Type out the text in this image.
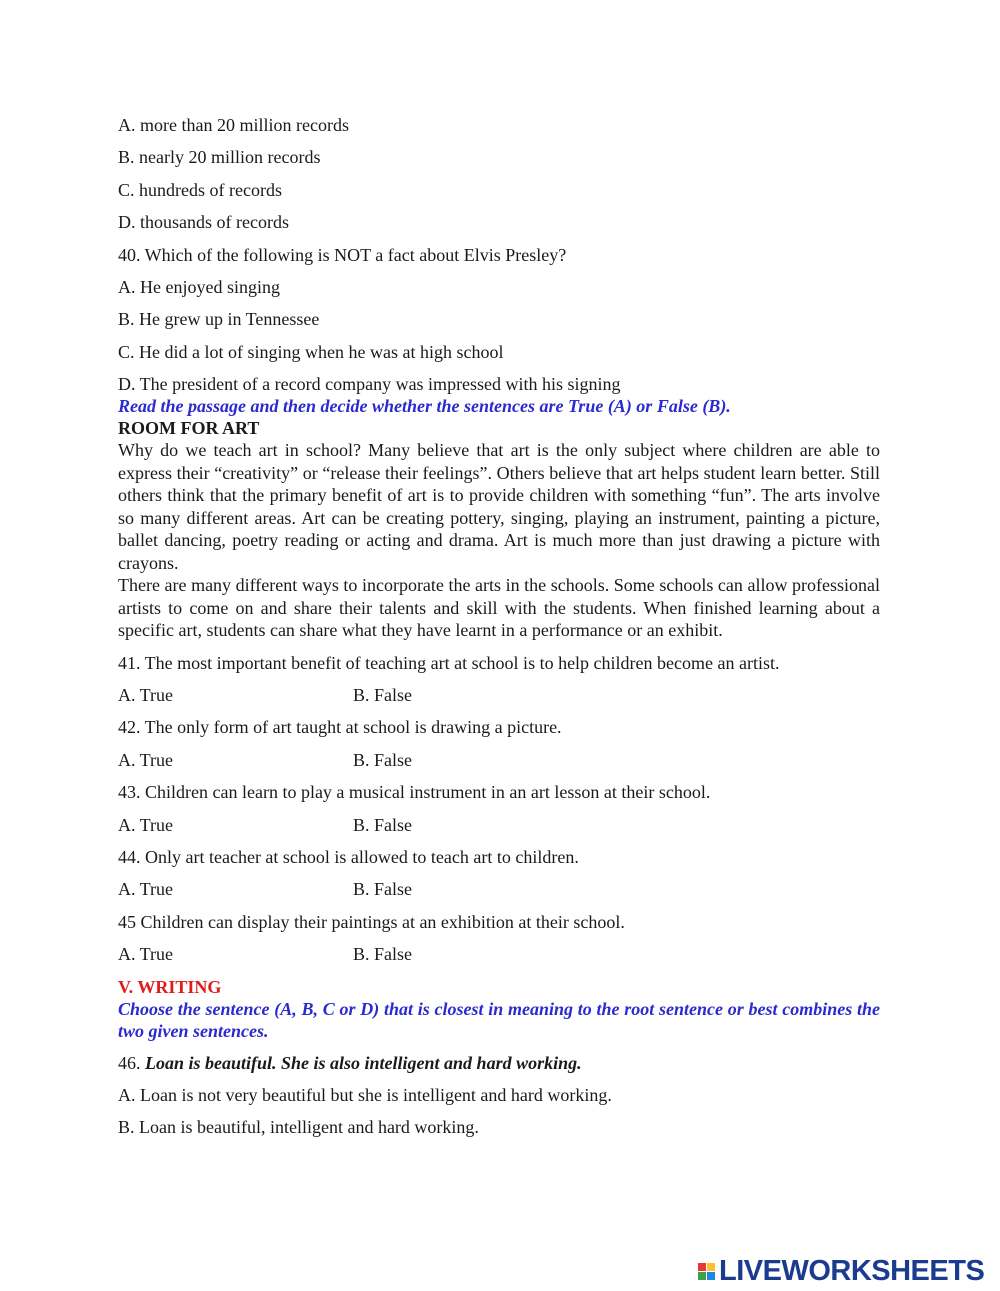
A. more than 20 million records

B. nearly 20 million records

C. hundreds of records

D. thousands of records

40. Which of the following is NOT a fact about Elvis Presley?

A. He enjoyed singing

B. He grew up in Tennessee

C. He did a lot of singing when he was at high school

D. The president of a record company was impressed with his signing

Read the passage and then decide whether the sentences are True (A) or False (B).

ROOM FOR ART

Why do we teach art in school? Many believe that art is the only subject where children are able to express their “creativity” or “release their feelings”. Others believe that art helps student learn better. Still others think that the primary benefit of art is to provide children with something “fun”. The arts involve so many different areas. Art can be creating pottery, singing, playing an instrument, painting a picture, ballet dancing, poetry reading or acting and drama. Art is much more than just drawing a picture with crayons.

There are many different ways to incorporate the arts in the schools. Some schools can allow professional artists to come on and share their talents and skill with the students. When finished learning about a specific art, students can share what they have learnt in a performance or an exhibit.

41. The most important benefit of teaching art at school is to help children become an artist.

A. True	B. False

42. The only form of art taught at school is drawing a picture.

A. True	B. False

43. Children can learn to play a musical instrument in an art lesson at their school.

A. True	B. False

44. Only art teacher at school is allowed to teach art to children.

A. True	B. False

45 Children can display their paintings at an exhibition at their school.

A. True	B. False

V. WRITING

Choose the sentence (A, B, C or D) that is closest in meaning to the root sentence or best combines the two given sentences.

46. Loan is beautiful. She is also intelligent and hard working.

A. Loan is not very beautiful but she is intelligent and hard working.

B. Loan is beautiful, intelligent and hard working.

LIVEWORKSHEETS
